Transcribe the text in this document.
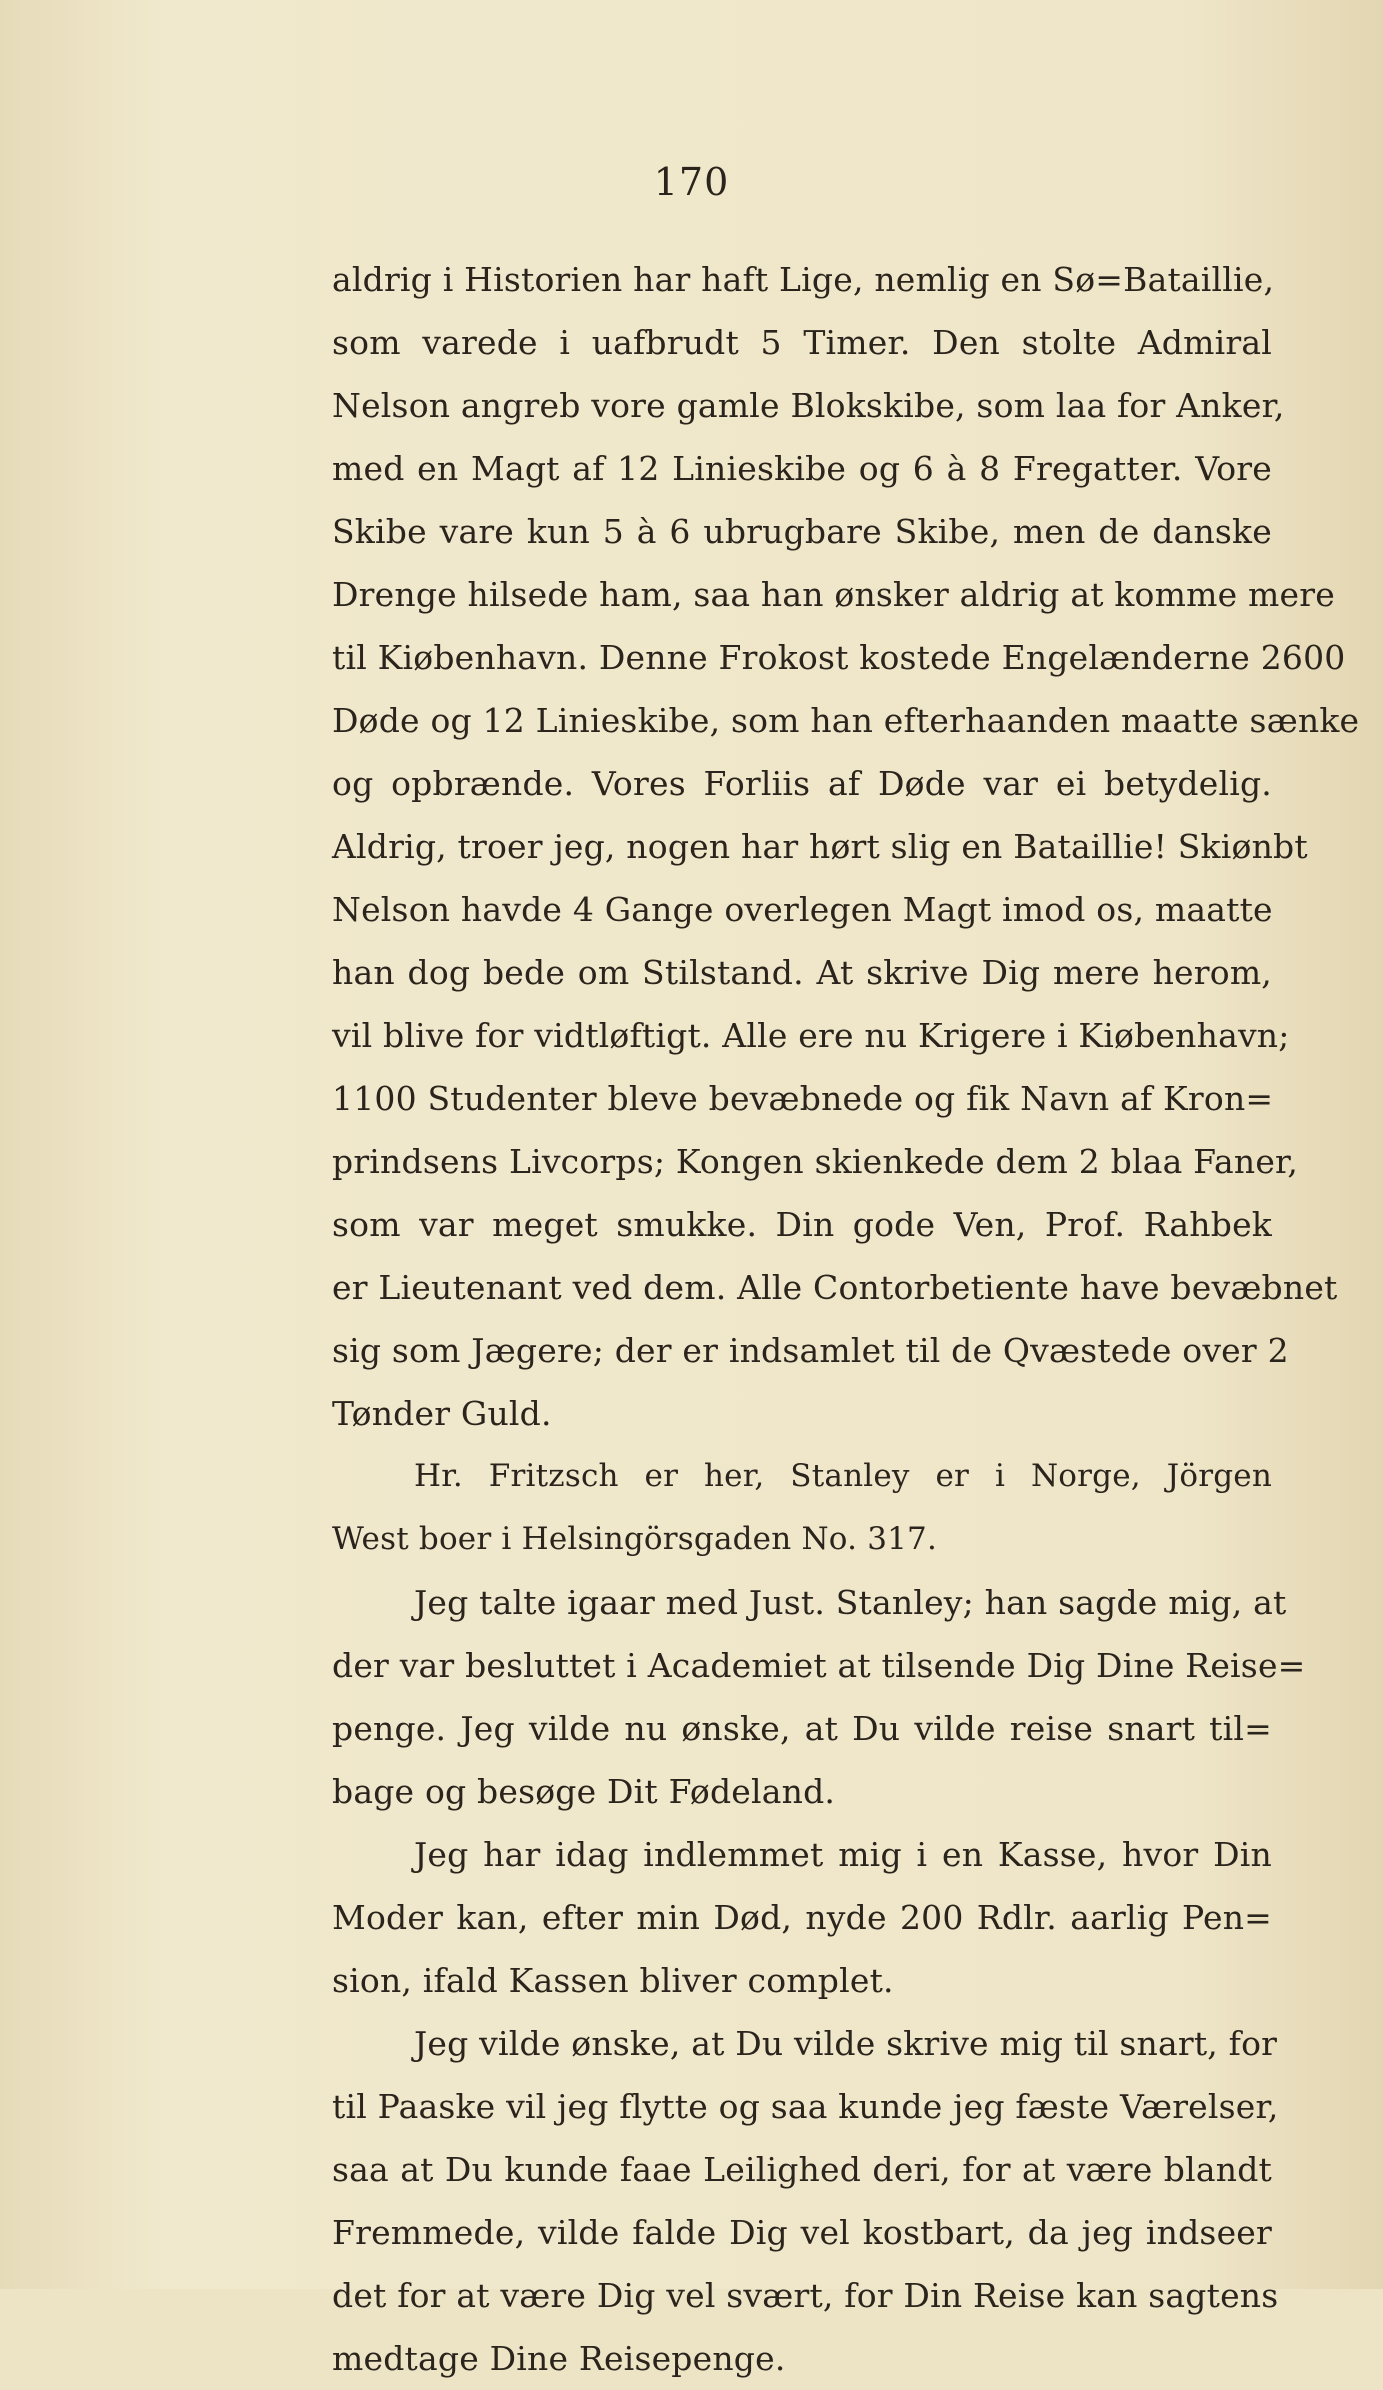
170
aldrig i Historien har haft Lige, nemlig en Sø=Bataillie,
som varede i uafbrudt 5 Timer. Den stolte Admiral
Nelson angreb vore gamle Blokskibe, som laa for Anker,
med en Magt af 12 Linieskibe og 6 à 8 Fregatter. Vore
Skibe vare kun 5 à 6 ubrugbare Skibe, men de danske
Drenge hilsede ham, saa han ønsker aldrig at komme mere
til Kiøbenhavn. Denne Frokost kostede Engelænderne 2600
Døde og 12 Linieskibe, som han efterhaanden maatte sænke
og opbrænde. Vores Forliis af Døde var ei betydelig.
Aldrig, troer jeg, nogen har hørt slig en Bataillie! Skiønbt
Nelson havde 4 Gange overlegen Magt imod os, maatte
han dog bede om Stilstand. At skrive Dig mere herom,
vil blive for vidtløftigt. Alle ere nu Krigere i Kiøbenhavn;
1100 Studenter bleve bevæbnede og fik Navn af Kron=
prindsens Livcorps; Kongen skienkede dem 2 blaa Faner,
som var meget smukke. Din gode Ven, Prof. Rahbek
er Lieutenant ved dem. Alle Contorbetiente have bevæbnet
sig som Jægere; der er indsamlet til de Qvæstede over 2
Tønder Guld.
Hr. Fritzsch er her, Stanley er i Norge, Jörgen
West boer i Helsingörsgaden No. 317.
Jeg talte igaar med Just. Stanley; han sagde mig, at
der var besluttet i Academiet at tilsende Dig Dine Reise=
penge. Jeg vilde nu ønske, at Du vilde reise snart til=
bage og besøge Dit Fødeland.
Jeg har idag indlemmet mig i en Kasse, hvor Din
Moder kan, efter min Død, nyde 200 Rdlr. aarlig Pen=
sion, ifald Kassen bliver complet.
Jeg vilde ønske, at Du vilde skrive mig til snart, for
til Paaske vil jeg flytte og saa kunde jeg fæste Værelser,
saa at Du kunde faae Leilighed deri, for at være blandt
Fremmede, vilde falde Dig vel kostbart, da jeg indseer
det for at være Dig vel svært, for Din Reise kan sagtens
medtage Dine Reisepenge.
